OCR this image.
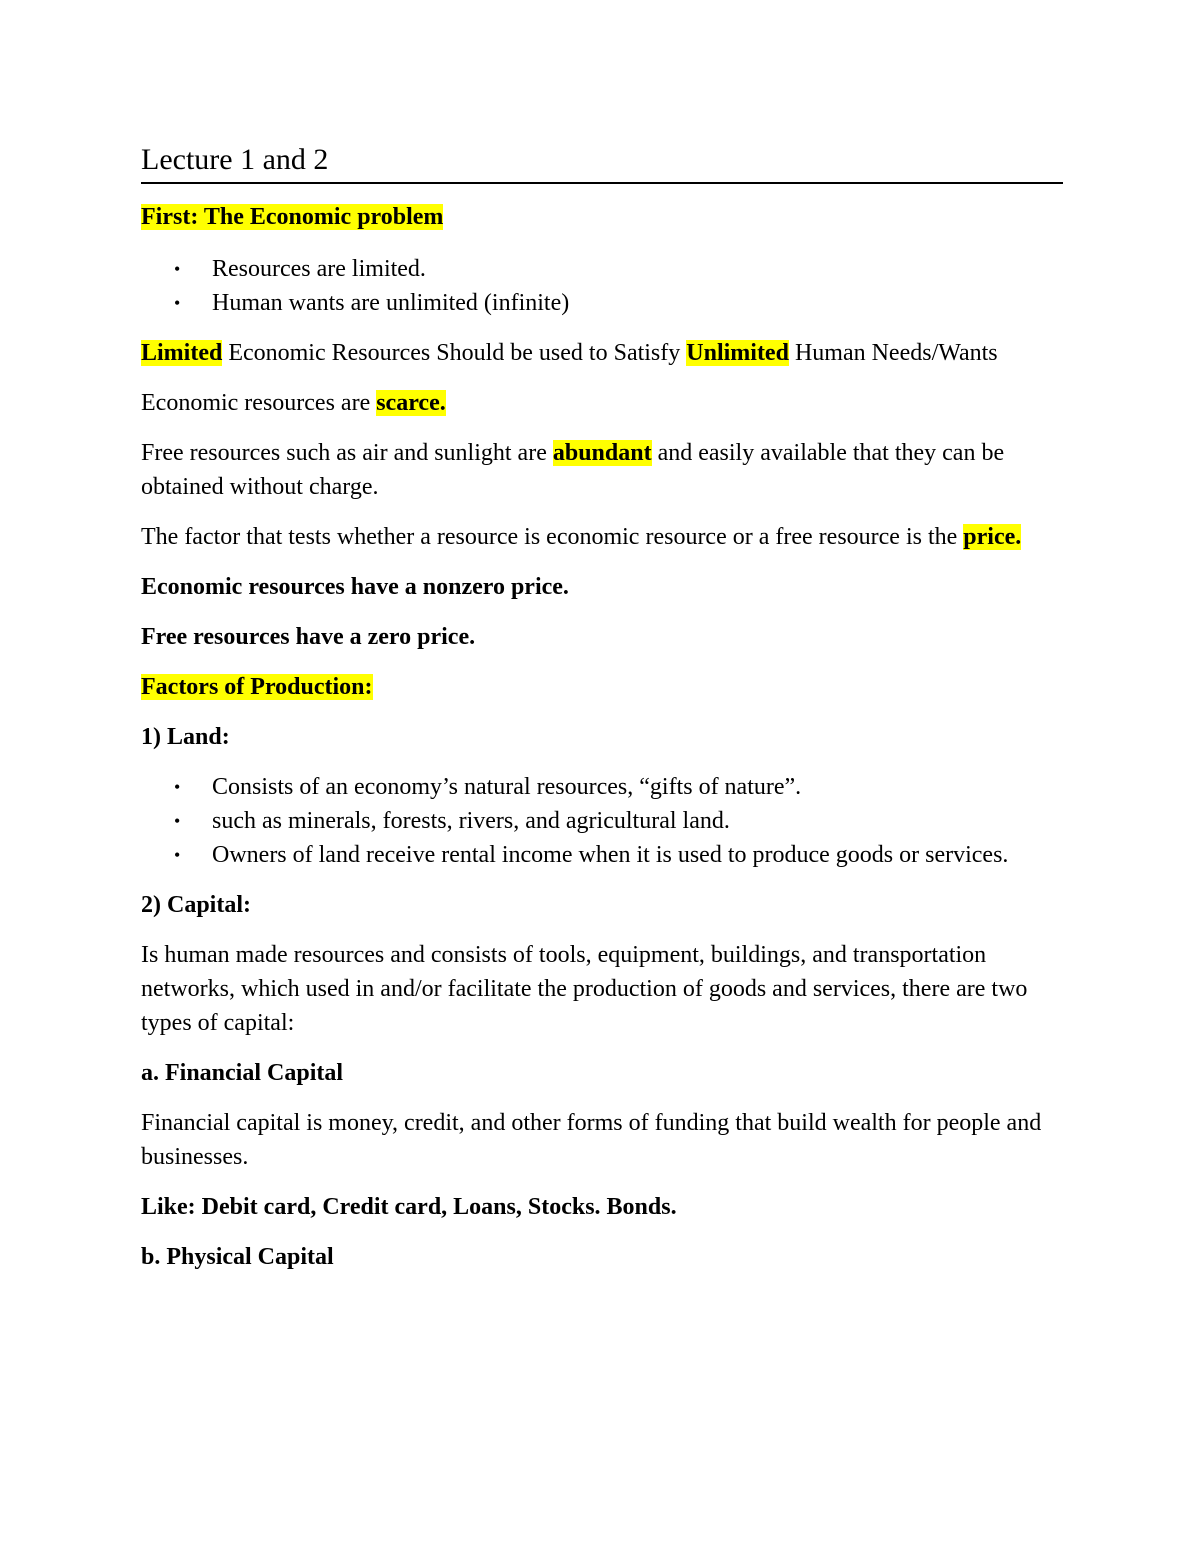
Lecture 1 and 2

First: The Economic problem

• Resources are limited.
• Human wants are unlimited (infinite)

Limited Economic Resources Should be used to Satisfy Unlimited Human Needs/Wants

Economic resources are scarce.

Free resources such as air and sunlight are abundant and easily available that they can be obtained without charge.

The factor that tests whether a resource is economic resource or a free resource is the price.

Economic resources have a nonzero price.

Free resources have a zero price.

Factors of Production:

1) Land:

• Consists of an economy’s natural resources, “gifts of nature”.
• such as minerals, forests, rivers, and agricultural land.
• Owners of land receive rental income when it is used to produce goods or services.

2) Capital:

Is human made resources and consists of tools, equipment, buildings, and transportation networks, which used in and/or facilitate the production of goods and services, there are two types of capital:

a. Financial Capital

Financial capital is money, credit, and other forms of funding that build wealth for people and businesses.

Like: Debit card, Credit card, Loans, Stocks. Bonds.

b. Physical Capital
